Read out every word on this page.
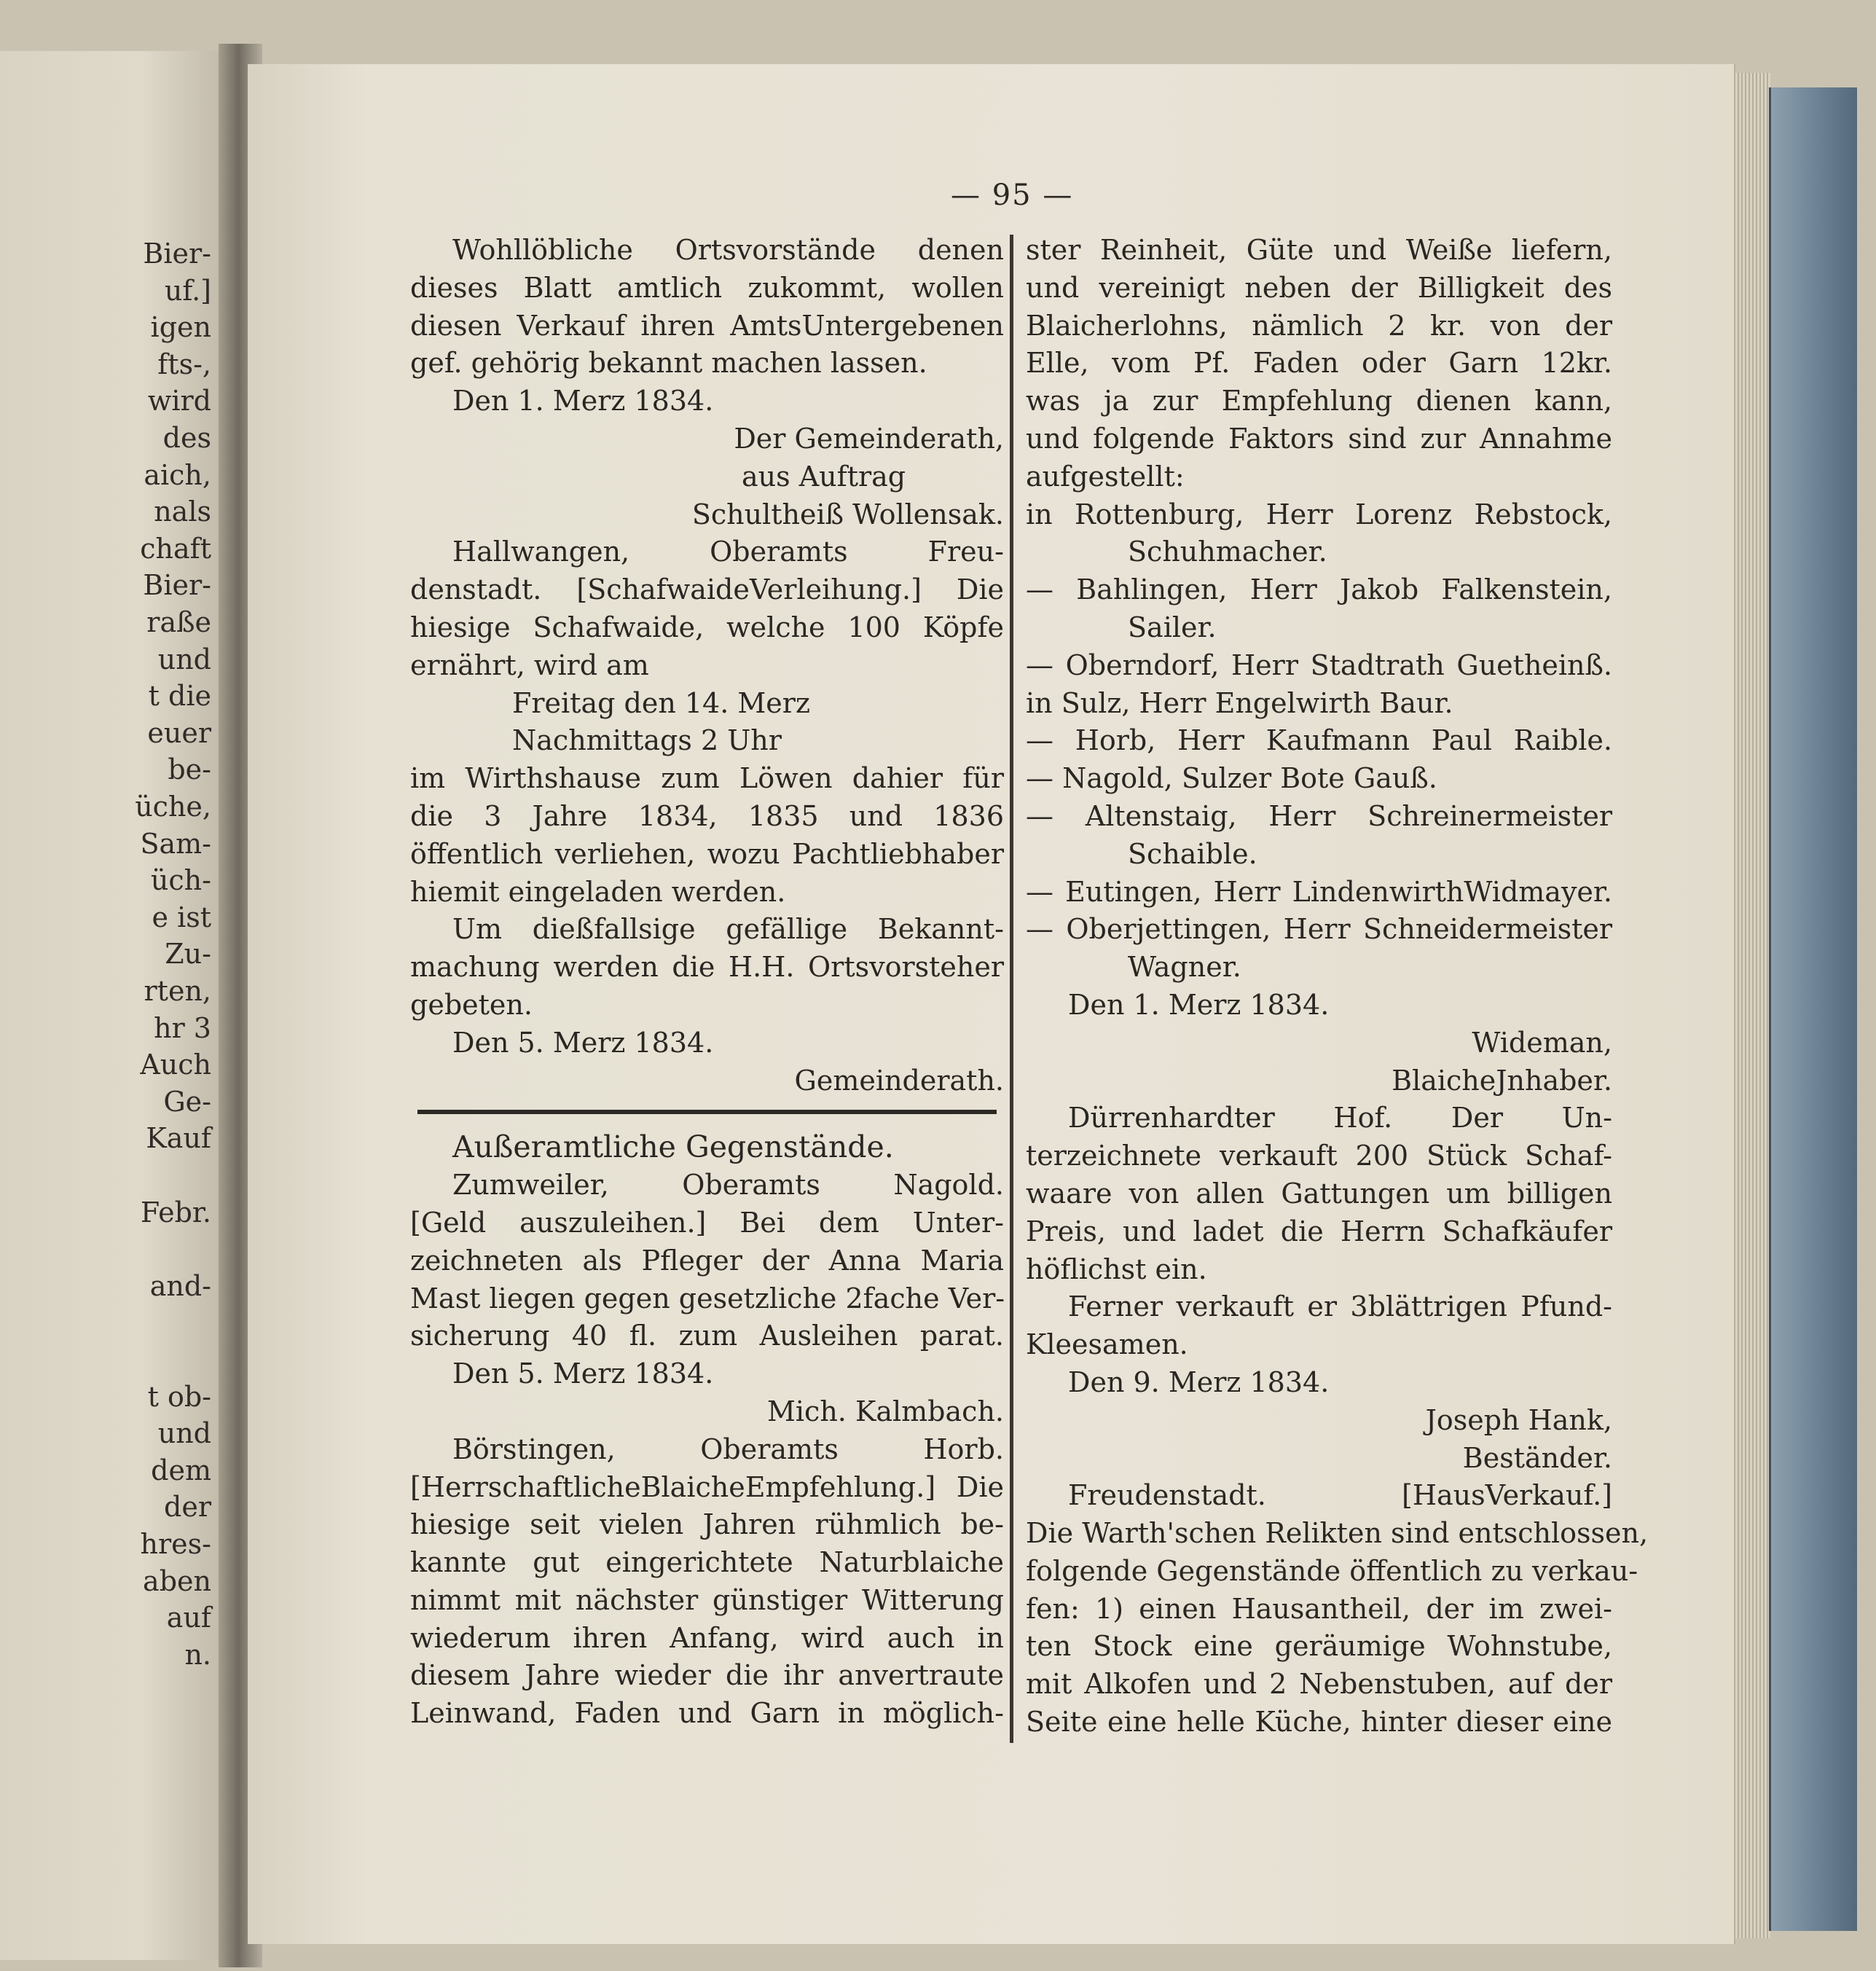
— 95 —
Wohllöbliche Ortsvorstände denen
dieses Blatt amtlich zukommt, wollen
diesen Verkauf ihren AmtsUntergebenen
gef. gehörig bekannt machen lassen.
Den 1. Merz 1834.
Der Gemeinderath,
aus Auftrag
Schultheiß Wollensak.
Hallwangen, Oberamts Freu-
denstadt. [SchafwaideVerleihung.] Die
hiesige Schafwaide, welche 100 Köpfe
ernährt, wird am
Freitag den 14. Merz
Nachmittags 2 Uhr
im Wirthshause zum Löwen dahier für
die 3 Jahre 1834, 1835 und 1836
öffentlich verliehen, wozu Pachtliebhaber
hiemit eingeladen werden.
Um dießfallsige gefällige Bekannt-
machung werden die H.H. Ortsvorsteher
gebeten.
Den 5. Merz 1834.
Gemeinderath.
Außeramtliche Gegenstände.
Zumweiler, Oberamts Nagold.
[Geld auszuleihen.] Bei dem Unter-
zeichneten als Pfleger der Anna Maria
Mast liegen gegen gesetzliche 2fache Ver-
sicherung 40 fl. zum Ausleihen parat.
Den 5. Merz 1834.
Mich. Kalmbach.
Börstingen, Oberamts Horb.
[HerrschaftlicheBlaicheEmpfehlung.] Die
hiesige seit vielen Jahren rühmlich be-
kannte gut eingerichtete Naturblaiche
nimmt mit nächster günstiger Witterung
wiederum ihren Anfang, wird auch in
diesem Jahre wieder die ihr anvertraute
Leinwand, Faden und Garn in möglich-
ster Reinheit, Güte und Weiße liefern,
und vereinigt neben der Billigkeit des
Blaicherlohns, nämlich 2 kr. von der
Elle, vom Pf. Faden oder Garn 12kr.
was ja zur Empfehlung dienen kann,
und folgende Faktors sind zur Annahme
aufgestellt:
in Rottenburg, Herr Lorenz Rebstock,
Schuhmacher.
— Bahlingen, Herr Jakob Falkenstein,
Sailer.
— Oberndorf, Herr Stadtrath Guetheinß.
in Sulz, Herr Engelwirth Baur.
— Horb, Herr Kaufmann Paul Raible.
— Nagold, Sulzer Bote Gauß.
— Altenstaig, Herr Schreinermeister
Schaible.
— Eutingen, Herr LindenwirthWidmayer.
— Oberjettingen, Herr Schneidermeister
Wagner.
Den 1. Merz 1834.
Wideman,
BlaicheJnhaber.
Dürrenhardter Hof. Der Un-
terzeichnete verkauft 200 Stück Schaf-
waare von allen Gattungen um billigen
Preis, und ladet die Herrn Schafkäufer
höflichst ein.
Ferner verkauft er 3blättrigen Pfund-
Kleesamen.
Den 9. Merz 1834.
Joseph Hank,
Beständer.
Freudenstadt. [HausVerkauf.]
Die Warth'schen Relikten sind entschlossen,
folgende Gegenstände öffentlich zu verkau-
fen: 1) einen Hausantheil, der im zwei-
ten Stock eine geräumige Wohnstube,
mit Alkofen und 2 Nebenstuben, auf der
Seite eine helle Küche, hinter dieser eine
Bier-
uf.]
igen
fts-,
wird
des
aich,
nals
chaft
Bier-
raße
und
t die
euer
be-
üche,
Sam-
üch-
e ist
Zu-
rten,
hr 3
Auch
Ge-
Kauf
Febr.
and-
t ob-
und
dem
der
hres-
aben
auf
n.
